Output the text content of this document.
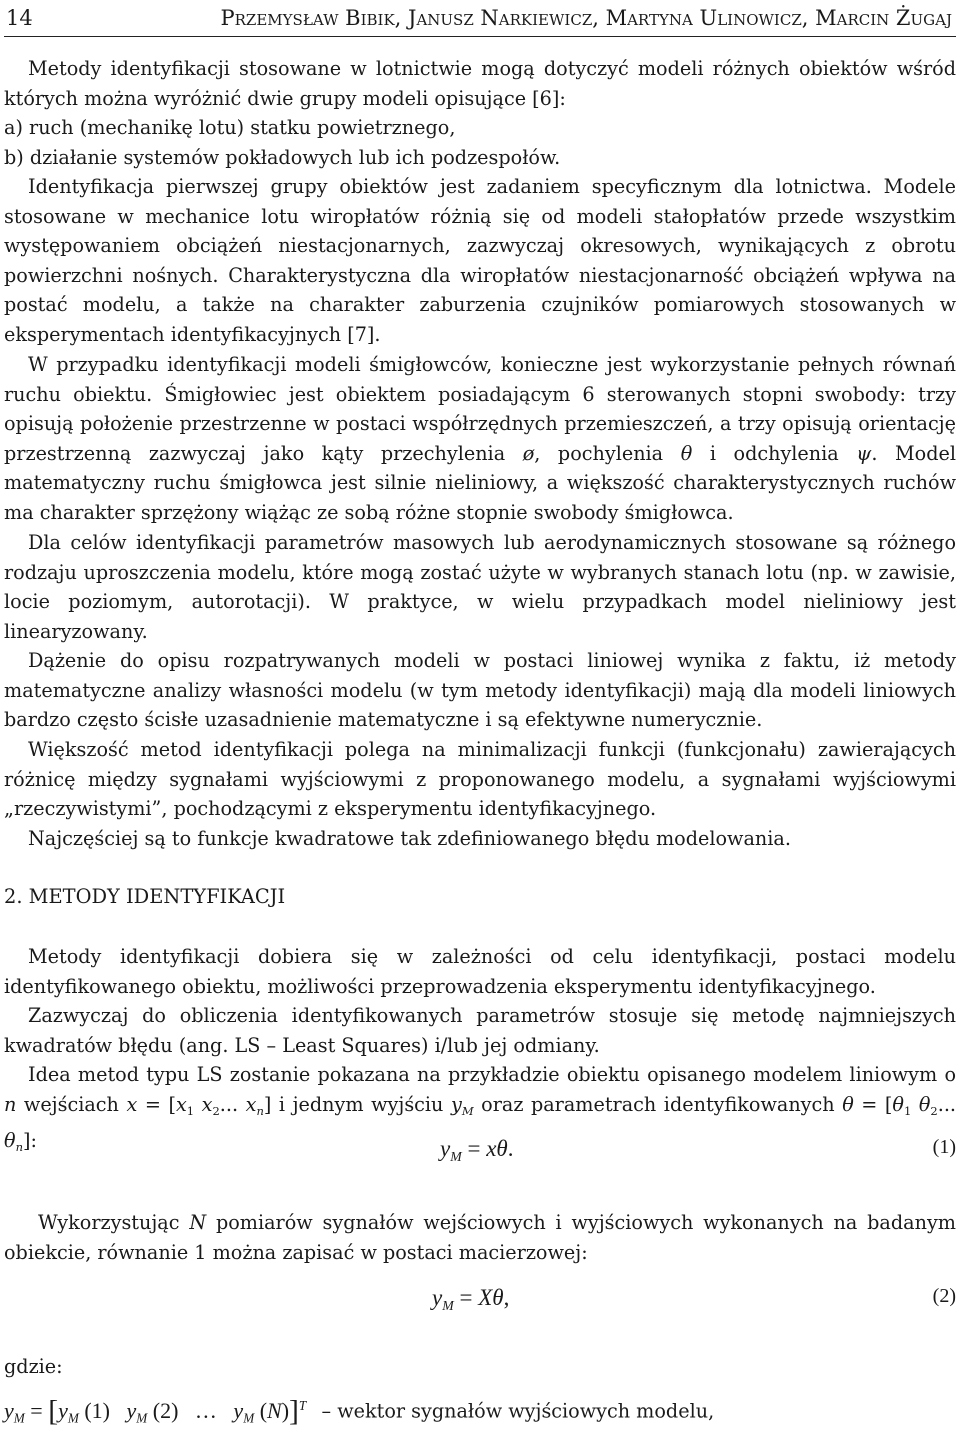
14	Przemysław Bibik, Janusz Narkiewicz, Martyna Ulinowicz, Marcin Żugaj

Metody identyfikacji stosowane w lotnictwie mogą dotyczyć modeli różnych obiektów wśród których można wyróżnić dwie grupy modeli opisujące [6]:

a) ruch (mechanikę lotu) statku powietrznego,

b) działanie systemów pokładowych lub ich podzespołów.

Identyfikacja pierwszej grupy obiektów jest zadaniem specyficznym dla lotnictwa. Modele stosowane w mechanice lotu wiropłatów różnią się od modeli stałopłatów przede wszystkim występowaniem obciążeń niestacjonarnych, zazwyczaj okresowych, wynikających z obrotu powierzchni nośnych. Charakterystyczna dla wiropłatów niestacjonarność obciążeń wpływa na postać modelu, a także na charakter zaburzenia czujników pomiarowych stosowanych w eksperymentach identyfikacyjnych [7].

W przypadku identyfikacji modeli śmigłowców, konieczne jest wykorzystanie pełnych równań ruchu obiektu. Śmigłowiec jest obiektem posiadającym 6 sterowanych stopni swobody: trzy opisują położenie przestrzenne w postaci współrzędnych przemieszczeń, a trzy opisują orientację przestrzenną zazwyczaj jako kąty przechylenia ø, pochylenia θ i odchylenia ψ. Model matematyczny ruchu śmigłowca jest silnie nieliniowy, a większość charakterystycznych ruchów ma charakter sprzężony wiążąc ze sobą różne stopnie swobody śmigłowca.

Dla celów identyfikacji parametrów masowych lub aerodynamicznych stosowane są różnego rodzaju uproszczenia modelu, które mogą zostać użyte w wybranych stanach lotu (np. w zawisie, locie poziomym, autorotacji). W praktyce, w wielu przypadkach model nieliniowy jest linearyzowany.

Dążenie do opisu rozpatrywanych modeli w postaci liniowej wynika z faktu, iż metody matematyczne analizy własności modelu (w tym metody identyfikacji) mają dla modeli liniowych bardzo często ścisłe uzasadnienie matematyczne i są efektywne numerycznie.

Większość metod identyfikacji polega na minimalizacji funkcji (funkcjonału) zawierających różnicę między sygnałami wyjściowymi z proponowanego modelu, a sygnałami wyjściowymi „rzeczywistymi”, pochodzącymi z eksperymentu identyfikacyjnego.

Najczęściej są to funkcje kwadratowe tak zdefiniowanego błędu modelowania.

2. METODY IDENTYFIKACJI

Metody identyfikacji dobiera się w zależności od celu identyfikacji, postaci modelu identyfikowanego obiektu, możliwości przeprowadzenia eksperymentu identyfikacyjnego.

Zazwyczaj do obliczenia identyfikowanych parametrów stosuje się metodę najmniejszych kwadratów błędu (ang. LS – Least Squares) i/lub jej odmiany.

Idea metod typu LS zostanie pokazana na przykładzie obiektu opisanego modelem liniowym o n wejściach $x = [x_1$ $x_2$... $x_n$] i jednym wyjściu $y_M$ oraz parametrach identyfikowanych $\theta = [\theta_1$ $\theta_2$... $\theta_n$]:	$y_M = x\theta$.	(1)

Wykorzystując N pomiarów sygnałów wejściowych i wyjściowych wykonanych na badanym obiekcie, równanie 1 można zapisać w postaci macierzowej:

$y_M = X\theta$,	(2)
gdzie:
$y_M = [y_M$ (1)   $y_M$ (2) …   $y_M$ (N)]$^T$ – wektor sygnałów wyjściowych modelu,
